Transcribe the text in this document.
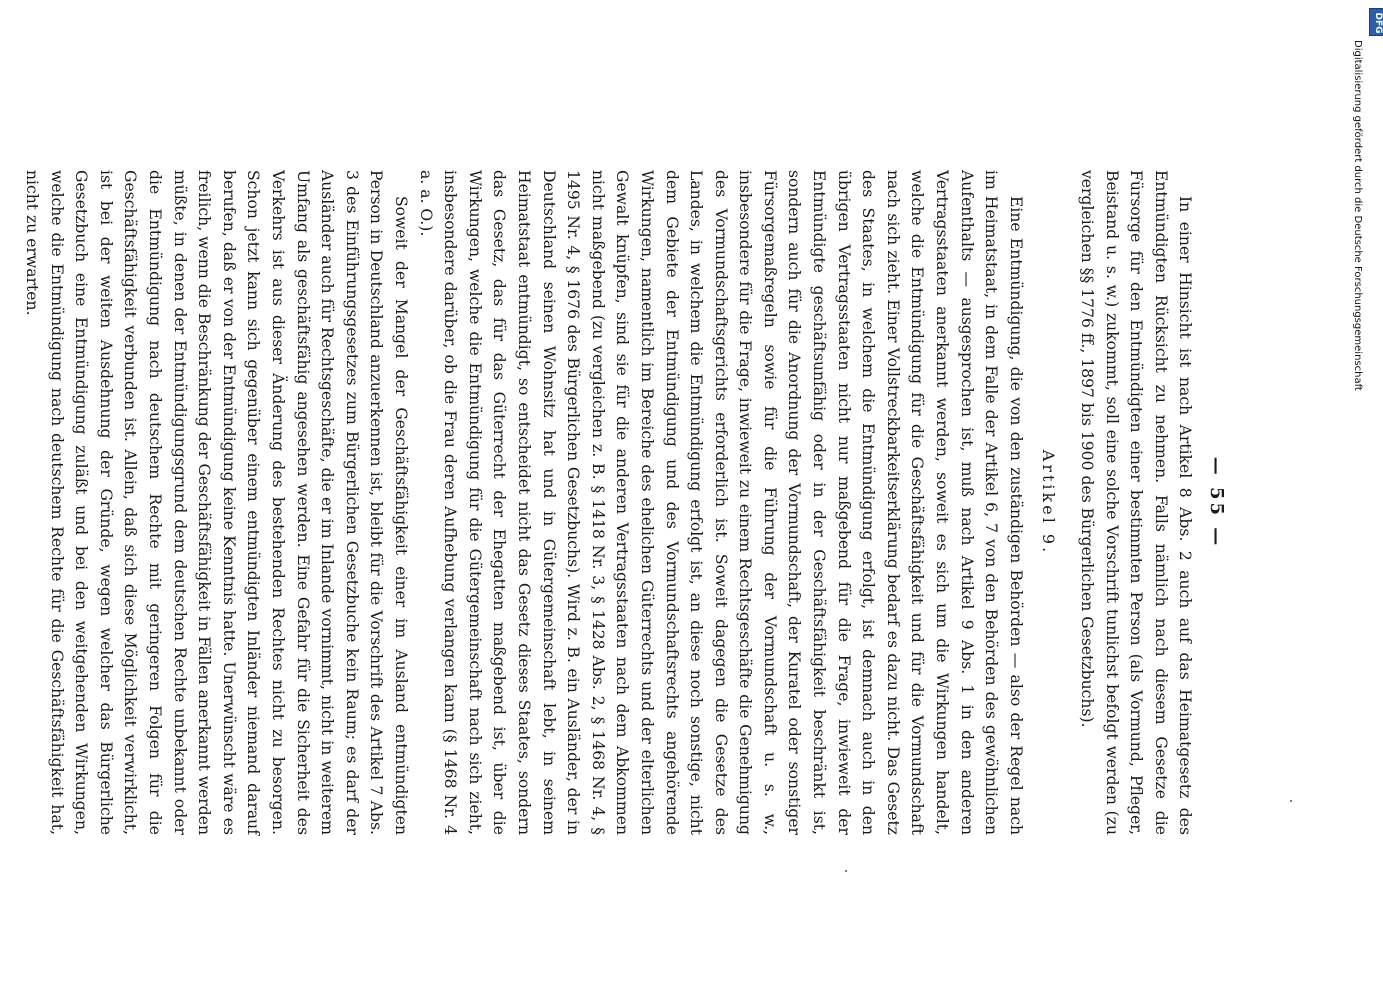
— 55 —

In einer Hinsicht ist nach Artikel 8 Abs. 2 auch auf das Heimatgesetz des Entmündigten Rücksicht zu nehmen. Falls nämlich nach diesem Gesetze die Fürsorge für den Entmündigten einer bestimmten Person (als Vormund, Pfleger, Beistand u. s. w.) zukommt, soll eine solche Vorschrift tunlichst befolgt werden (zu vergleichen §§ 1776 ff., 1897 bis 1900 des Bürgerlichen Gesetzbuchs).

Artikel 9.

Eine Entmündigung, die von den zuständigen Behörden — also der Regel nach im Heimatstaat, in dem Falle der Artikel 6, 7 von den Behörden des gewöhnlichen Aufenthalts — ausgesprochen ist, muß nach Artikel 9 Abs. 1 in den anderen Vertragsstaaten anerkannt werden, soweit es sich um die Wirkungen handelt, welche die Entmündigung für die Geschäftsfähigkeit und für die Vormundschaft nach sich zieht. Einer Vollstreckbarkeitserklärung bedarf es dazu nicht. Das Gesetz des Staates, in welchem die Entmündigung erfolgt, ist demnach auch in den übrigen Vertragsstaaten nicht nur maßgebend für die Frage, inwieweit der Entmündigte geschäftsunfähig oder in der Geschäftsfähigkeit beschränkt ist, sondern auch für die Anordnung der Vormundschaft, der Kuratel oder sonstiger Fürsorgemaßregeln sowie für die Führung der Vormundschaft u. s. w., insbesondere für die Frage, inwieweit zu einem Rechtsgeschäfte die Genehmigung des Vormundschaftsgerichts erforderlich ist. Soweit dagegen die Gesetze des Landes, in welchem die Entmündigung erfolgt ist, an diese noch sonstige, nicht dem Gebiete der Entmündigung und des Vormundschaftsrechts angehörende Wirkungen, namentlich im Bereiche des ehelichen Güterrechts und der elterlichen Gewalt knüpfen, sind sie für die anderen Vertragsstaaten nach dem Abkommen nicht maßgebend (zu vergleichen z. B. § 1418 Nr. 3, § 1428 Abs. 2, § 1468 Nr. 4, § 1495 Nr. 4, § 1676 des Bürgerlichen Gesetzbuchs). Wird z. B. ein Ausländer, der in Deutschland seinen Wohnsitz hat und in Gütergemeinschaft lebt, in seinem Heimatstaat entmündigt, so entscheidet nicht das Gesetz dieses Staates, sondern das Gesetz, das für das Güterrecht der Ehegatten maßgebend ist, über die Wirkungen, welche die Entmündigung für die Gütergemeinschaft nach sich zieht, insbesondere darüber, ob die Frau deren Aufhebung verlangen kann (§ 1468 Nr. 4 a. a. O.).

Soweit der Mangel der Geschäftsfähigkeit einer im Ausland entmündigten Person in Deutschland anzuerkennen ist, bleibt für die Vorschrift des Artikel 7 Abs. 3 des Einführungsgesetzes zum Bürgerlichen Gesetzbuche kein Raum; es darf der Ausländer auch für Rechtsgeschäfte, die er im Inlande vornimmt, nicht in weiterem Umfang als geschäftsfähig angesehen werden. Eine Gefahr für die Sicherheit des Verkehrs ist aus dieser Änderung des bestehenden Rechtes nicht zu besorgen. Schon jetzt kann sich gegenüber einem entmündigten Inländer niemand darauf berufen, daß er von der Entmündigung keine Kenntnis hatte. Unerwünscht wäre es freilich, wenn die Beschränkung der Geschäftsfähigkeit in Fällen anerkannt werden müßte, in denen der Entmündigungsgrund dem deutschen Rechte unbekannt oder die Entmündigung nach deutschem Rechte mit geringeren Folgen für die Geschäftsfähigkeit verbunden ist. Allein, daß sich diese Möglichkeit verwirklicht, ist bei der weiten Ausdehnung der Gründe, wegen welcher das Bürgerliche Gesetzbuch eine Entmündigung zuläßt und bei den weitgehenden Wirkungen, welche die Entmündigung nach deutschem Rechte für die Geschäftsfähigkeit hat, nicht zu erwarten.

DFG
Digitalisierung gefördert durch die Deutsche Forschungsgemeinschaft
